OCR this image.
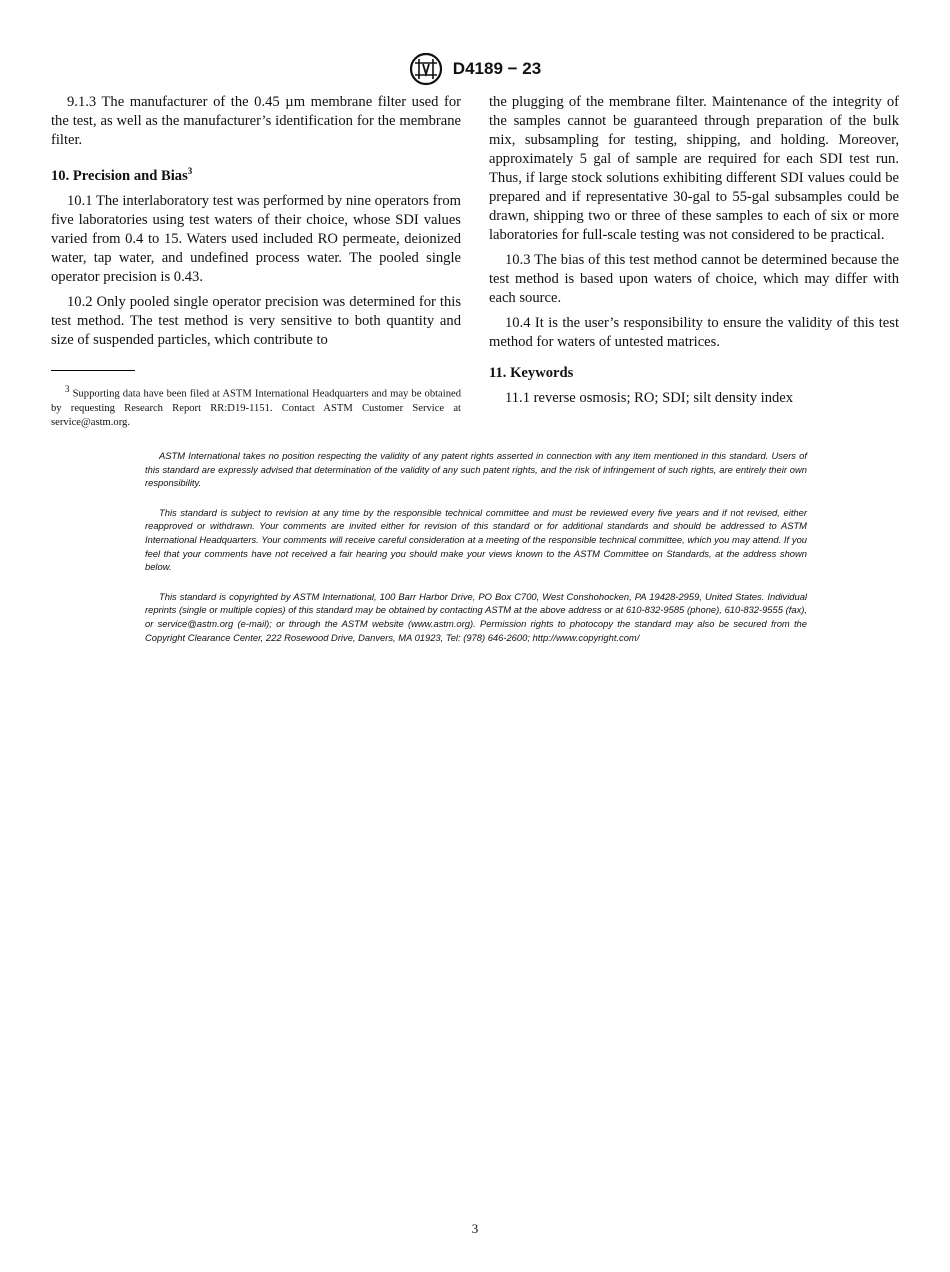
D4189 − 23

9.1.3 The manufacturer of the 0.45 µm membrane filter used for the test, as well as the manufacturer’s identification for the membrane filter.

10. Precision and Bias$^3$

10.1 The interlaboratory test was performed by nine operators from five laboratories using test waters of their choice, whose SDI values varied from 0.4 to 15. Waters used included RO permeate, deionized water, tap water, and undefined process water. The pooled single operator precision is 0.43.

10.2 Only pooled single operator precision was determined for this test method. The test method is very sensitive to both quantity and size of suspended particles, which contribute to

$^3$ Supporting data have been filed at ASTM International Headquarters and may be obtained by requesting Research Report RR:D19-1151. Contact ASTM Customer Service at service@astm.org.

the plugging of the membrane filter. Maintenance of the integrity of the samples cannot be guaranteed through preparation of the bulk mix, subsampling for testing, shipping, and holding. Moreover, approximately 5 gal of sample are required for each SDI test run. Thus, if large stock solutions exhibiting different SDI values could be prepared and if representative 30-gal to 55-gal subsamples could be drawn, shipping two or three of these samples to each of six or more laboratories for full-scale testing was not considered to be practical.

10.3 The bias of this test method cannot be determined because the test method is based upon waters of choice, which may differ with each source.

10.4 It is the user’s responsibility to ensure the validity of this test method for waters of untested matrices.

11. Keywords

11.1 reverse osmosis; RO; SDI; silt density index

ASTM International takes no position respecting the validity of any patent rights asserted in connection with any item mentioned in this standard. Users of this standard are expressly advised that determination of the validity of any such patent rights, and the risk of infringement of such rights, are entirely their own responsibility.

This standard is subject to revision at any time by the responsible technical committee and must be reviewed every five years and if not revised, either reapproved or withdrawn. Your comments are invited either for revision of this standard or for additional standards and should be addressed to ASTM International Headquarters. Your comments will receive careful consideration at a meeting of the responsible technical committee, which you may attend. If you feel that your comments have not received a fair hearing you should make your views known to the ASTM Committee on Standards, at the address shown below.

This standard is copyrighted by ASTM International, 100 Barr Harbor Drive, PO Box C700, West Conshohocken, PA 19428-2959, United States. Individual reprints (single or multiple copies) of this standard may be obtained by contacting ASTM at the above address or at 610-832-9585 (phone), 610-832-9555 (fax), or service@astm.org (e-mail); or through the ASTM website (www.astm.org). Permission rights to photocopy the standard may also be secured from the Copyright Clearance Center, 222 Rosewood Drive, Danvers, MA 01923, Tel: (978) 646-2600; http://www.copyright.com/

3
